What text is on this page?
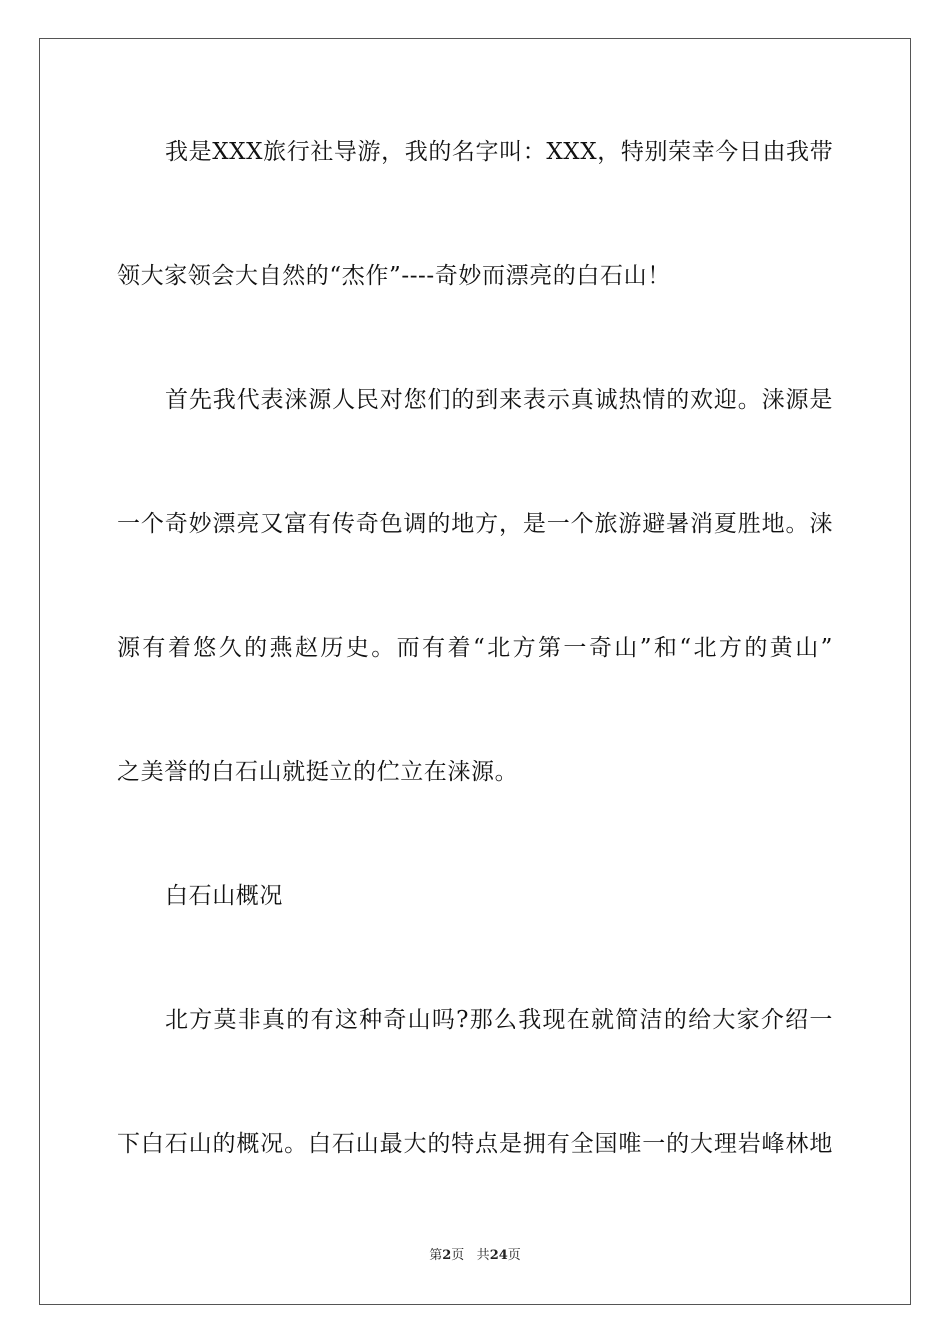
我是XXX旅行社导游，我的名字叫：XXX，特别荣幸今日由我带
领大家领会大自然的“杰作”----奇妙而漂亮的白石山！
首先我代表涞源人民对您们的到来表示真诚热情的欢迎。涞源是
一个奇妙漂亮又富有传奇色调的地方，是一个旅游避暑消夏胜地。涞
源有着悠久的燕赵历史。而有着“北方第一奇山”和“北方的黄山”
之美誉的白石山就挺立的伫立在涞源。
白石山概况
北方莫非真的有这种奇山吗?那么我现在就简洁的给大家介绍一
下白石山的概况。白石山最大的特点是拥有全国唯一的大理岩峰林地
第2页 共24页
